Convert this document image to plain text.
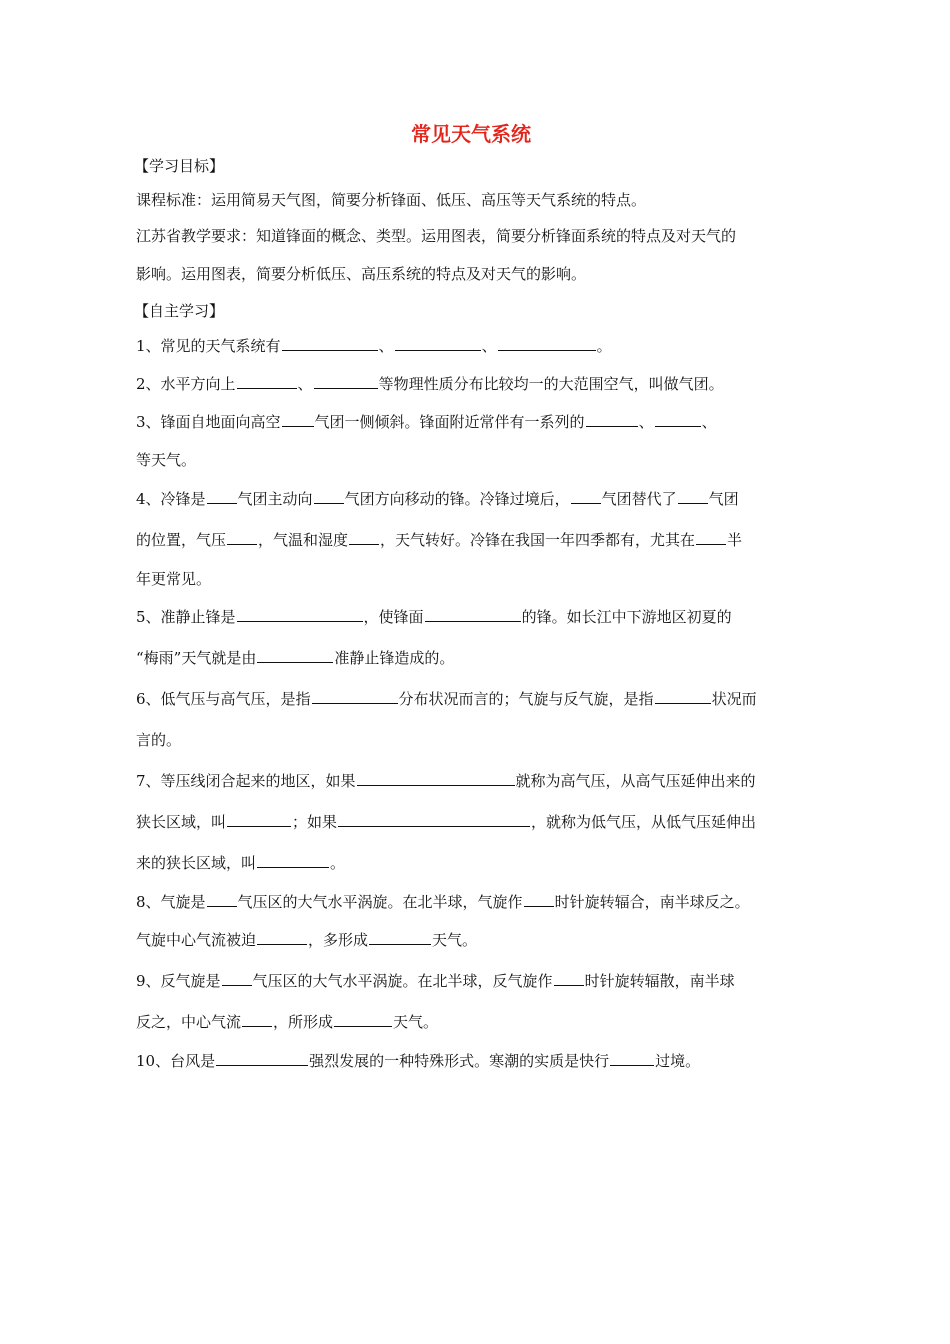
常见天气系统
【学习目标】
课程标准：运用简易天气图，简要分析锋面、低压、高压等天气系统的特点。
江苏省教学要求：知道锋面的概念、类型。运用图表，简要分析锋面系统的特点及对天气的
影响。运用图表，简要分析低压、高压系统的特点及对天气的影响。
【自主学习】
1、常见的天气系统有	、	、	。
2、水平方向上	、	等物理性质分布比较均一的大范围空气，叫做气团。
3、锋面自地面向高空 气团一侧倾斜。锋面附近常伴有一系列的	、	、
等天气。
4、冷锋是 气团主动向 气团方向移动的锋。冷锋过境后， 气团替代了 气团
的位置，气压 ，气温和湿度 ，天气转好。冷锋在我国一年四季都有，尤其在 半
年更常见。
5、准静止锋是	，使锋面	的锋。如长江中下游地区初夏的
“梅雨”天气就是由	准静止锋造成的。
6、低气压与高气压，是指	分布状况而言的；气旋与反气旋，是指	状况而
言的。
7、等压线闭合起来的地区，如果	就称为高气压，从高气压延伸出来的
狭长区域，叫	；如果	，就称为低气压，从低气压延伸出
来的狭长区域，叫	。
8、气旋是 气压区的大气水平涡旋。在北半球，气旋作 时针旋转辐合，南半球反之。
气旋中心气流被迫	，多形成	天气。
9、反气旋是 气压区的大气水平涡旋。在北半球，反气旋作 时针旋转辐散，南半球
反之，中心气流 ，所形成	天气。
10、台风是	强烈发展的一种特殊形式。寒潮的实质是快行	过境。
